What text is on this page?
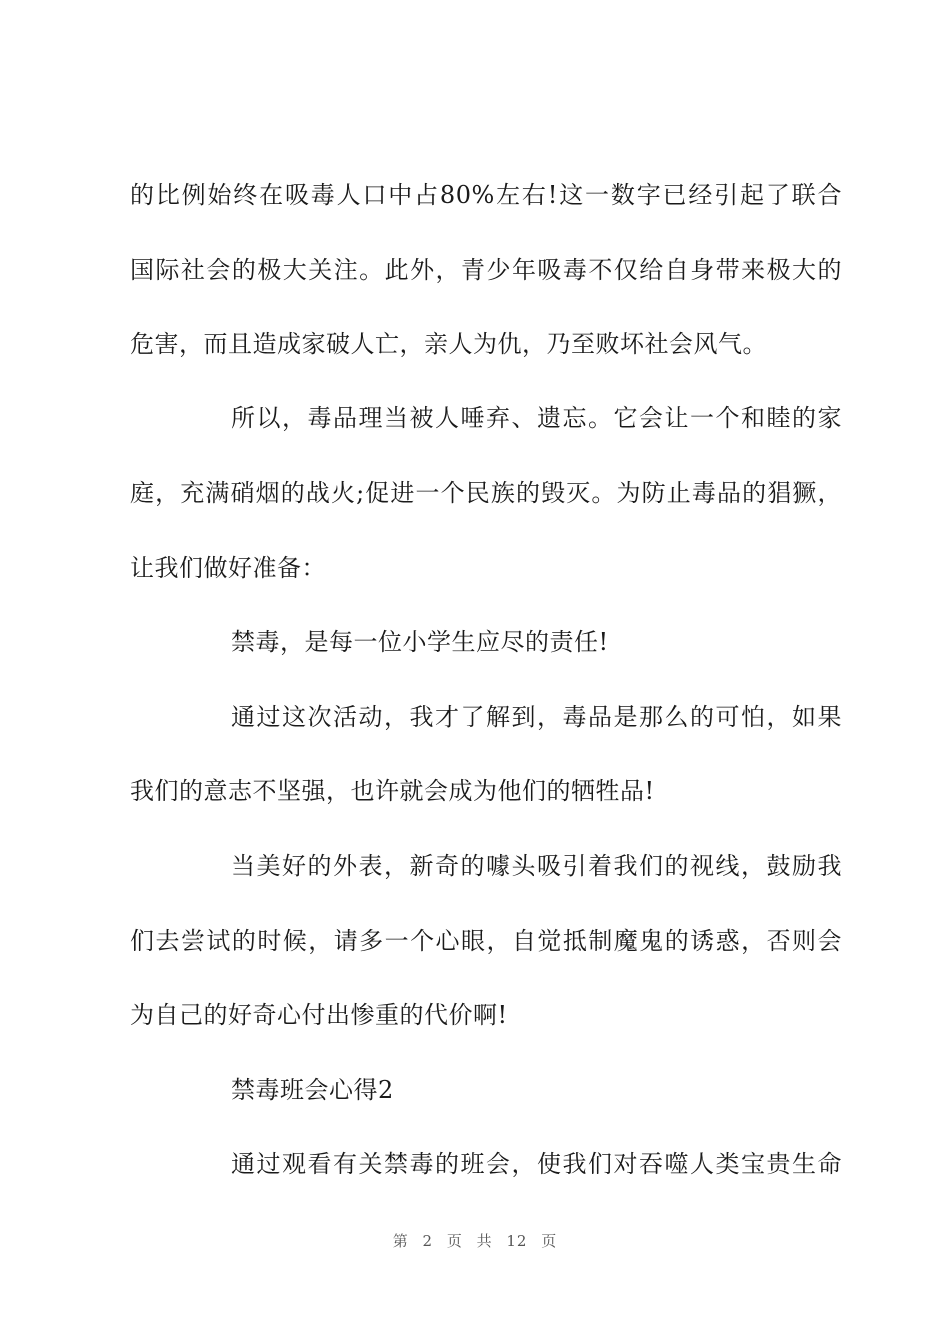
的比例始终在吸毒人口中占80%左右!这一数字已经引起了联合
国际社会的极大关注。此外，青少年吸毒不仅给自身带来极大的
危害，而且造成家破人亡，亲人为仇，乃至败坏社会风气。
所以，毒品理当被人唾弃、遗忘。它会让一个和睦的家
庭，充满硝烟的战火;促进一个民族的毁灭。为防止毒品的猖獗，
让我们做好准备：
禁毒，是每一位小学生应尽的责任!
通过这次活动，我才了解到，毒品是那么的可怕，如果
我们的意志不坚强，也许就会成为他们的牺牲品!
当美好的外表，新奇的噱头吸引着我们的视线，鼓励我
们去尝试的时候，请多一个心眼，自觉抵制魔鬼的诱惑，否则会
为自己的好奇心付出惨重的代价啊!
禁毒班会心得2
通过观看有关禁毒的班会，使我们对吞噬人类宝贵生命
第 2 页 共 12 页
